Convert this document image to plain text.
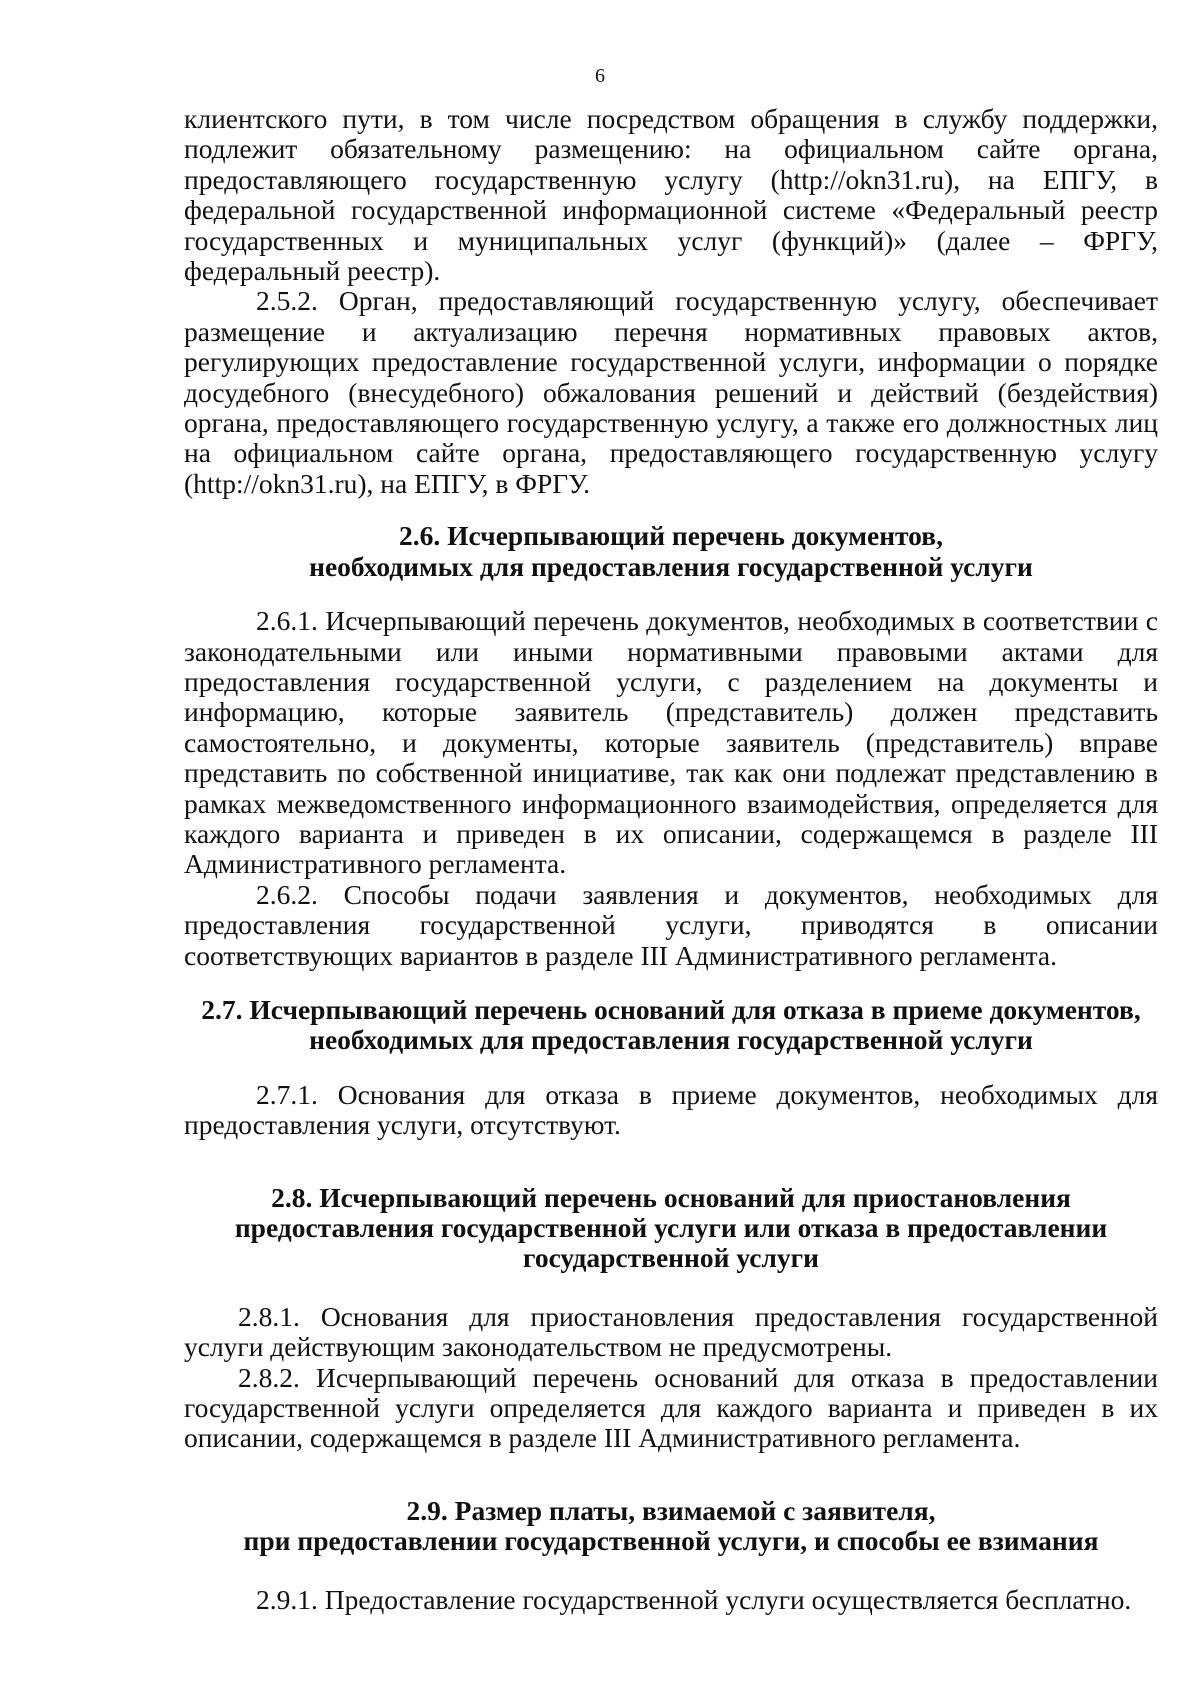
6

клиентского пути, в том числе посредством обращения в службу поддержки, подлежит обязательному размещению: на официальном сайте органа, предоставляющего государственную услугу (http://okn31.ru), на ЕПГУ, в федеральной государственной информационной системе «Федеральный реестр государственных и муниципальных услуг (функций)» (далее – ФРГУ, федеральный реестр).

2.5.2. Орган, предоставляющий государственную услугу, обеспечивает размещение и актуализацию перечня нормативных правовых актов, регулирующих предоставление государственной услуги, информации о порядке досудебного (внесудебного) обжалования решений и действий (бездействия) органа, предоставляющего государственную услугу, а также его должностных лиц на официальном сайте органа, предоставляющего государственную услугу (http://okn31.ru), на ЕПГУ, в ФРГУ.

2.6. Исчерпывающий перечень документов,
необходимых для предоставления государственной услуги

2.6.1. Исчерпывающий перечень документов, необходимых в соответствии с законодательными или иными нормативными правовыми актами для предоставления государственной услуги, с разделением на документы и информацию, которые заявитель (представитель) должен представить самостоятельно, и документы, которые заявитель (представитель) вправе представить по собственной инициативе, так как они подлежат представлению в рамках межведомственного информационного взаимодействия, определяется для каждого варианта и приведен в их описании, содержащемся в разделе III Административного регламента.

2.6.2. Способы подачи заявления и документов, необходимых для предоставления государственной услуги, приводятся в описании соответствующих вариантов в разделе III Административного регламента.

2.7. Исчерпывающий перечень оснований для отказа в приеме документов,
необходимых для предоставления государственной услуги

2.7.1. Основания для отказа в приеме документов, необходимых для предоставления услуги, отсутствуют.

2.8. Исчерпывающий перечень оснований для приостановления
предоставления государственной услуги или отказа в предоставлении
государственной услуги

2.8.1. Основания для приостановления предоставления государственной услуги действующим законодательством не предусмотрены.

2.8.2. Исчерпывающий перечень оснований для отказа в предоставлении государственной услуги определяется для каждого варианта и приведен в их описании, содержащемся в разделе III Административного регламента.

2.9. Размер платы, взимаемой с заявителя,
при предоставлении государственной услуги, и способы ее взимания

2.9.1. Предоставление государственной услуги осуществляется бесплатно.
